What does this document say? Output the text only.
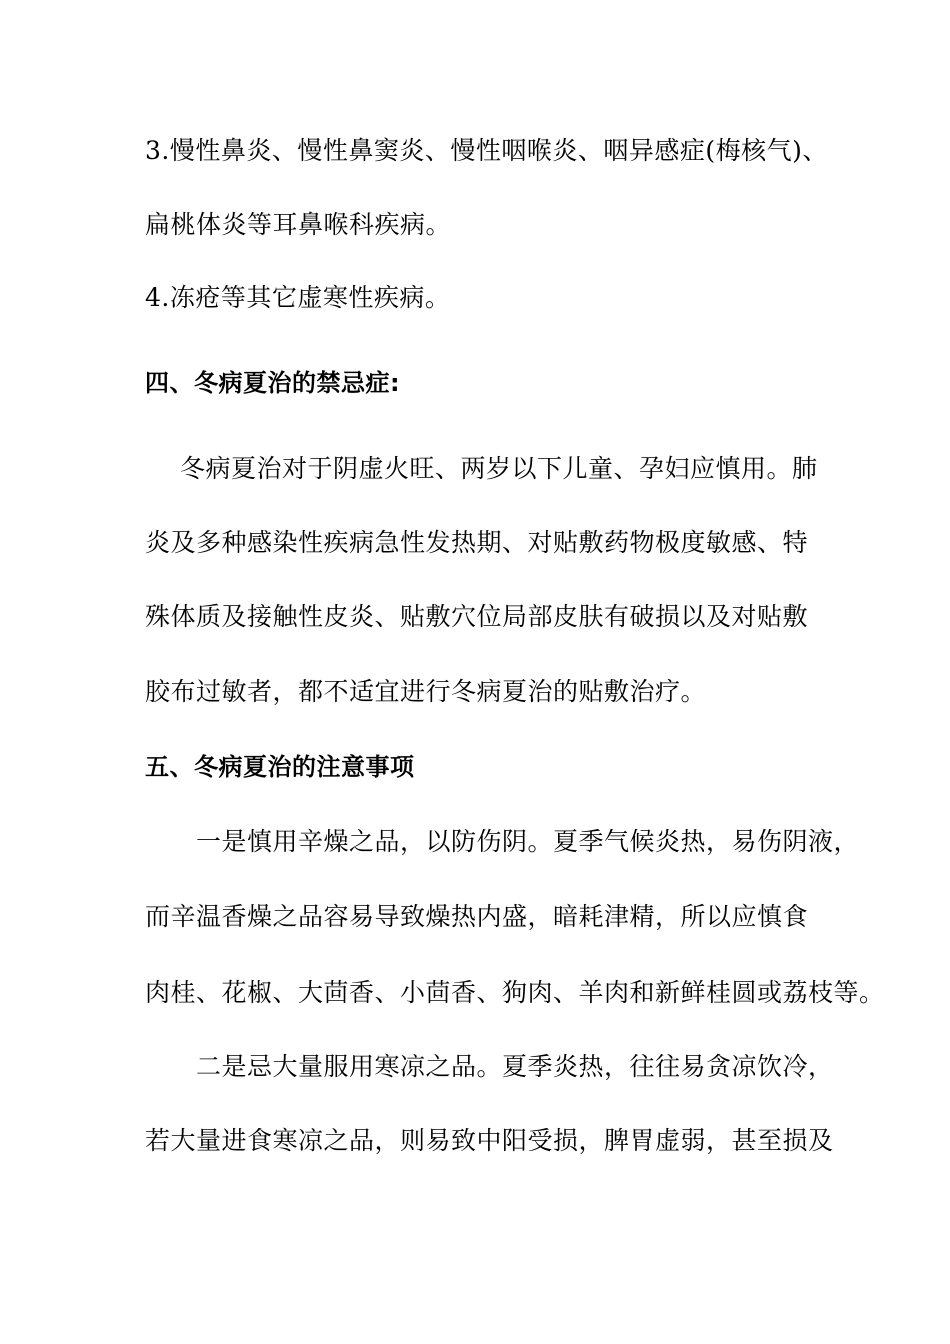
3.慢性鼻炎、慢性鼻窦炎、慢性咽喉炎、咽异感症(梅核气)、
扁桃体炎等耳鼻喉科疾病。
4.冻疮等其它虚寒性疾病。
四、冬病夏治的禁忌症:
冬病夏治对于阴虚火旺、两岁以下儿童、孕妇应慎用。肺
炎及多种感染性疾病急性发热期、对贴敷药物极度敏感、特
殊体质及接触性皮炎、贴敷穴位局部皮肤有破损以及对贴敷
胶布过敏者，都不适宜进行冬病夏治的贴敷治疗。
五、冬病夏治的注意事项
一是慎用辛燥之品，以防伤阴。夏季气候炎热，易伤阴液，
而辛温香燥之品容易导致燥热内盛，暗耗津精，所以应慎食
肉桂、花椒、大茴香、小茴香、狗肉、羊肉和新鲜桂圆或荔枝等。
二是忌大量服用寒凉之品。夏季炎热，往往易贪凉饮冷，
若大量进食寒凉之品，则易致中阳受损，脾胃虚弱，甚至损及
